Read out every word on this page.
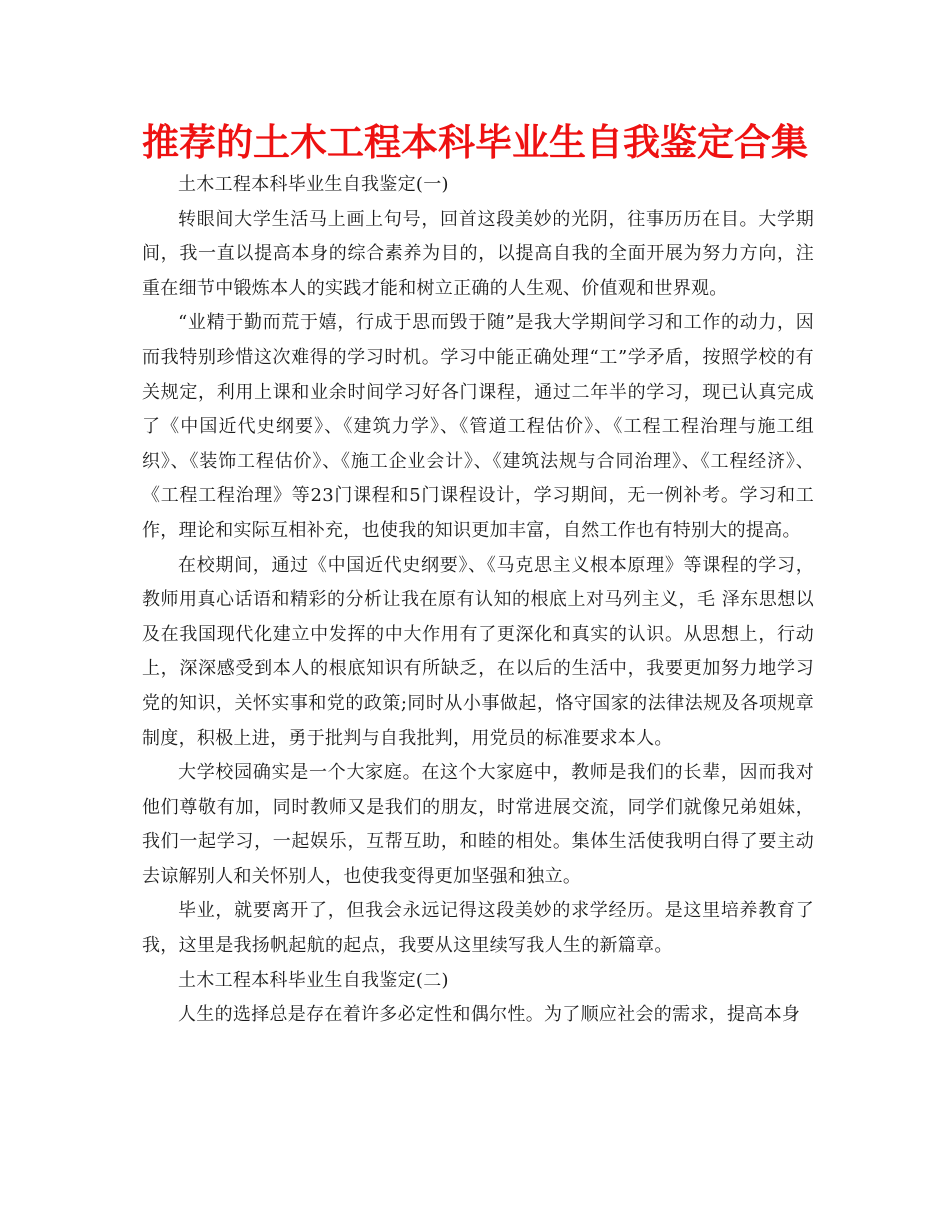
推荐的土木工程本科毕业生自我鉴定合集

土木工程本科毕业生自我鉴定(一)

转眼间大学生活马上画上句号，回首这段美妙的光阴，往事历历在目。大学期间，我一直以提高本身的综合素养为目的，以提高自我的全面开展为努力方向，注重在细节中锻炼本人的实践才能和树立正确的人生观、价值观和世界观。

“业精于勤而荒于嬉，行成于思而毁于随”是我大学期间学习和工作的动力，因而我特别珍惜这次难得的学习时机。学习中能正确处理“工”学矛盾，按照学校的有关规定，利用上课和业余时间学习好各门课程，通过二年半的学习，现已认真完成了《中国近代史纲要》、《建筑力学》、《管道工程估价》、《工程工程治理与施工组织》、《装饰工程估价》、《施工企业会计》、《建筑法规与合同治理》、《工程经济》、《工程工程治理》等23门课程和5门课程设计，学习期间，无一例补考。学习和工作，理论和实际互相补充，也使我的知识更加丰富，自然工作也有特别大的提高。

在校期间，通过《中国近代史纲要》、《马克思主义根本原理》等课程的学习，教师用真心话语和精彩的分析让我在原有认知的根底上对马列主义，毛 泽东思想以及在我国现代化建立中发挥的中大作用有了更深化和真实的认识。从思想上，行动上，深深感受到本人的根底知识有所缺乏，在以后的生活中，我要更加努力地学习党的知识，关怀实事和党的政策;同时从小事做起，恪守国家的法律法规及各项规章制度，积极上进，勇于批判与自我批判，用党员的标准要求本人。

大学校园确实是一个大家庭。在这个大家庭中，教师是我们的长辈，因而我对他们尊敬有加，同时教师又是我们的朋友，时常进展交流，同学们就像兄弟姐妹，我们一起学习，一起娱乐，互帮互助，和睦的相处。集体生活使我明白得了要主动去谅解别人和关怀别人，也使我变得更加坚强和独立。

毕业，就要离开了，但我会永远记得这段美妙的求学经历。是这里培养教育了我，这里是我扬帆起航的起点，我要从这里续写我人生的新篇章。

土木工程本科毕业生自我鉴定(二)

人生的选择总是存在着许多必定性和偶尔性。为了顺应社会的需求，提高本身
